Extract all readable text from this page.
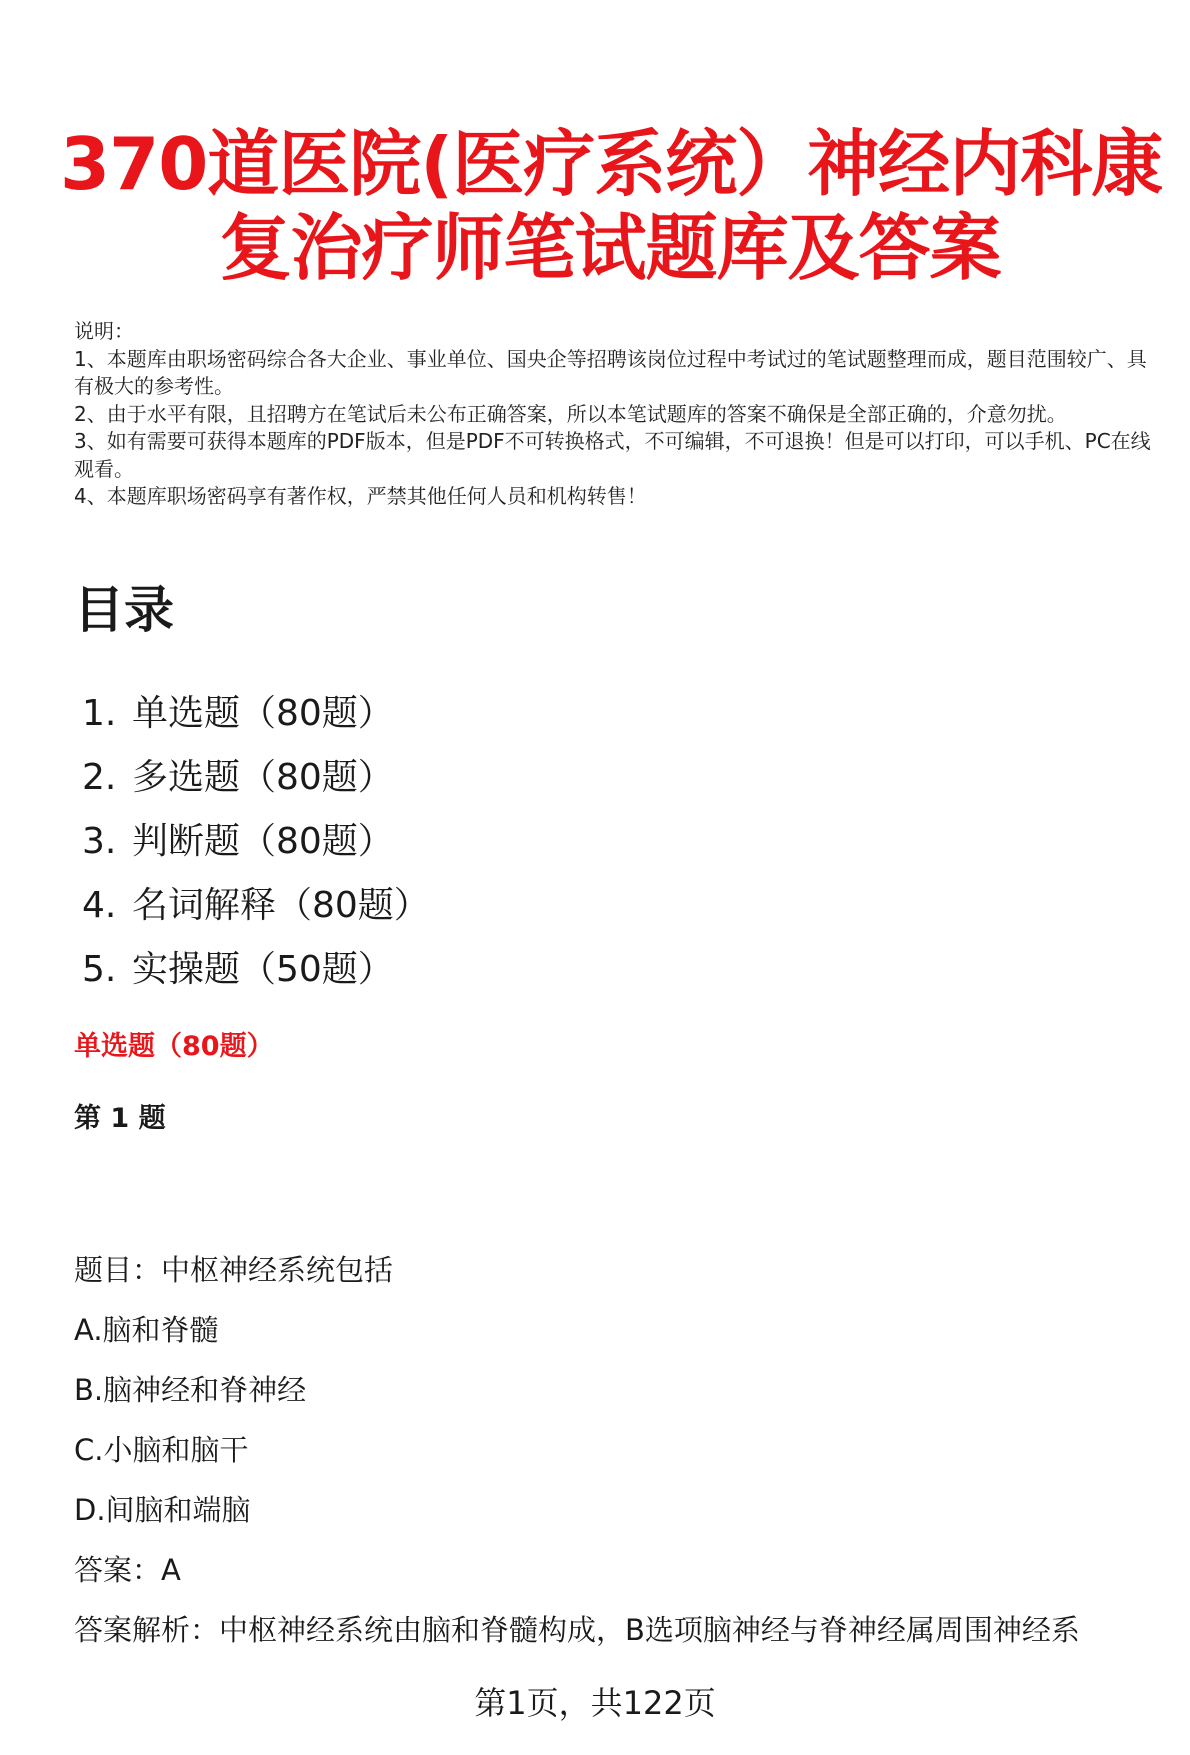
370道医院(医疗系统）神经内科康
复治疗师笔试题库及答案

说明：

1、本题库由职场密码综合各大企业、事业单位、国央企等招聘该岗位过程中考试过的笔试题整理而成，题目范围较广、具有极大的参考性。

2、由于水平有限，且招聘方在笔试后未公布正确答案，所以本笔试题库的答案不确保是全部正确的，介意勿扰。

3、如有需要可获得本题库的PDF版本，但是PDF不可转换格式，不可编辑，不可退换！但是可以打印，可以手机、PC在线观看。

4、本题库职场密码享有著作权，严禁其他任何人员和机构转售！

目录
1. 单选题（80题）
2. 多选题（80题）
3. 判断题（80题）
4. 名词解释（80题）
5. 实操题（50题）
单选题（80题）
第 1 题
题目：中枢神经系统包括
A.脑和脊髓
B.脑神经和脊神经
C.小脑和脑干
D.间脑和端脑
答案：A
答案解析：中枢神经系统由脑和脊髓构成，B选项脑神经与脊神经属周围神经系
第1页，共122页
